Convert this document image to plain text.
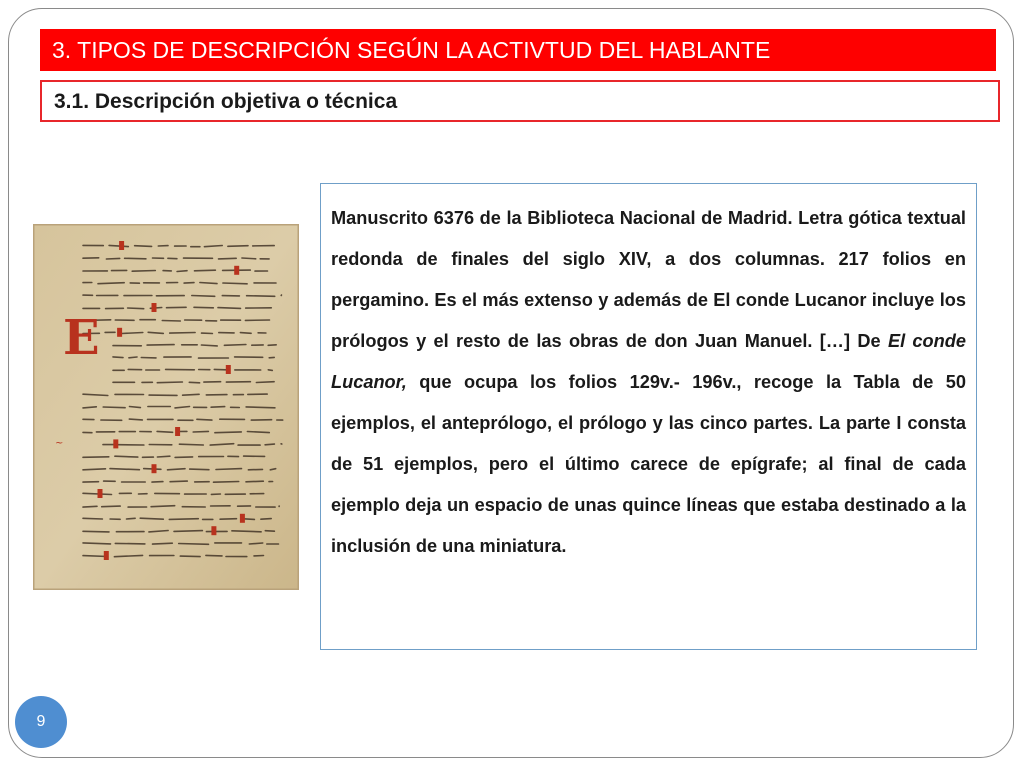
3. TIPOS DE DESCRIPCIÓN SEGÚN LA ACTIVTUD DEL HABLANTE
3.1. Descripción objetiva o técnica
E
~

Manuscrito 6376 de la Biblioteca Nacional de Madrid. Letra gótica textual redonda de finales del siglo XIV, a dos columnas. 217 folios en pergamino. Es el más extenso y además de El conde Lucanor incluye los prólogos y el resto de las obras de don Juan Manuel. […] De El conde Lucanor, que ocupa los folios 129v.- 196v., recoge la Tabla de 50 ejemplos, el anteprólogo, el prólogo y las cinco partes. La parte I consta de 51 ejemplos, pero el último carece de epígrafe; al final de cada ejemplo deja un espacio de unas quince líneas que estaba destinado a la inclusión de una miniatura.

9
